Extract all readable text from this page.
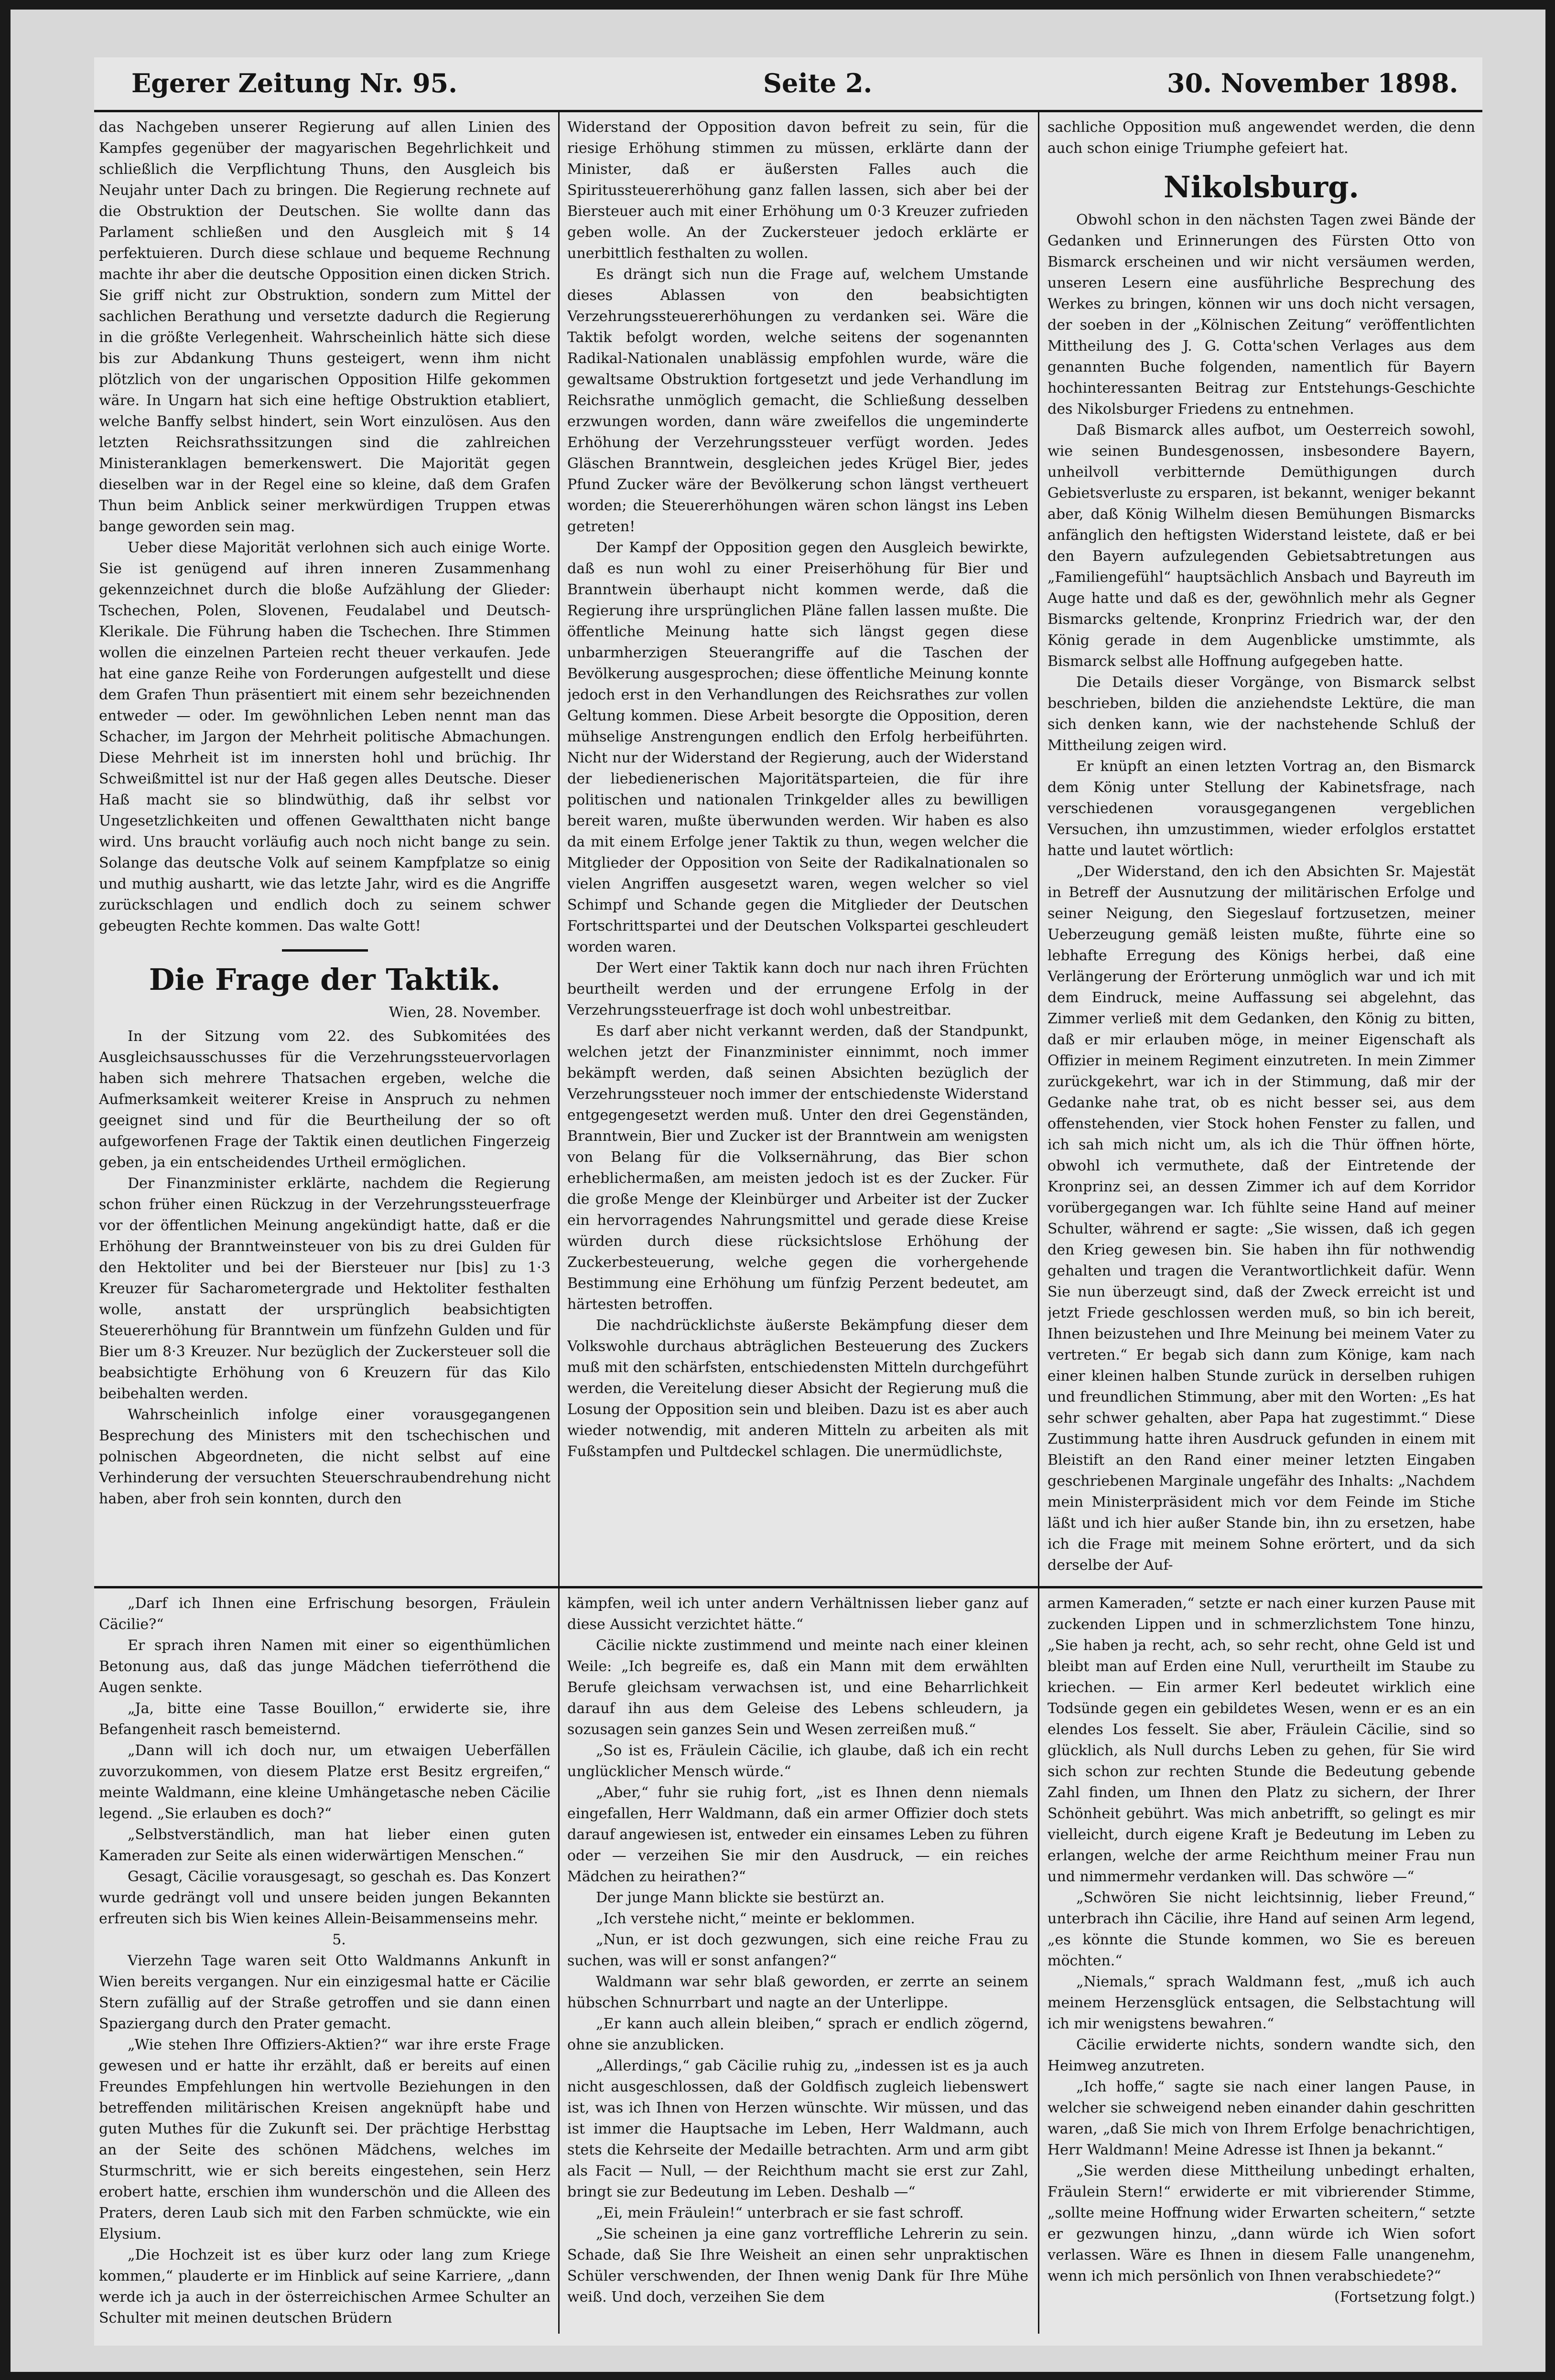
Egerer Zeitung Nr. 95.	Seite 2.	30. November 1898.

das Nachgeben unserer Regierung auf allen Linien des Kampfes gegenüber der magyarischen Begehrlichkeit und schließlich die Verpflichtung Thuns, den Ausgleich bis Neujahr unter Dach zu bringen. Die Regierung rechnete auf die Obstruktion der Deutschen. Sie wollte dann das Parlament schließen und den Ausgleich mit § 14 perfektuieren. Durch diese schlaue und bequeme Rechnung machte ihr aber die deutsche Opposition einen dicken Strich. Sie griff nicht zur Obstruktion, sondern zum Mittel der sachlichen Berathung und versetzte dadurch die Regierung in die größte Verlegenheit. Wahrscheinlich hätte sich diese bis zur Abdankung Thuns gesteigert, wenn ihm nicht plötzlich von der ungarischen Opposition Hilfe gekommen wäre. In Ungarn hat sich eine heftige Obstruktion etabliert, welche Banffy selbst hindert, sein Wort einzulösen. Aus den letzten Reichsrathssitzungen sind die zahlreichen Ministeranklagen bemerkenswert. Die Majorität gegen dieselben war in der Regel eine so kleine, daß dem Grafen Thun beim Anblick seiner merkwürdigen Truppen etwas bange geworden sein mag.

Ueber diese Majorität verlohnen sich auch einige Worte. Sie ist genügend auf ihren inneren Zusammenhang gekennzeichnet durch die bloße Aufzählung der Glieder: Tschechen, Polen, Slovenen, Feudalabel und Deutsch-Klerikale. Die Führung haben die Tschechen. Ihre Stimmen wollen die einzelnen Parteien recht theuer verkaufen. Jede hat eine ganze Reihe von Forderungen aufgestellt und diese dem Grafen Thun präsentiert mit einem sehr bezeichnenden entweder — oder. Im gewöhnlichen Leben nennt man das Schacher, im Jargon der Mehrheit politische Abmachungen. Diese Mehrheit ist im innersten hohl und brüchig. Ihr Schweißmittel ist nur der Haß gegen alles Deutsche. Dieser Haß macht sie so blindwüthig, daß ihr selbst vor Ungesetzlichkeiten und offenen Gewaltthaten nicht bange wird. Uns braucht vorläufig auch noch nicht bange zu sein. Solange das deutsche Volk auf seinem Kampfplatze so einig und muthig aushartt, wie das letzte Jahr, wird es die Angriffe zurückschlagen und endlich doch zu seinem schwer gebeugten Rechte kommen. Das walte Gott!

Die Frage der Taktik.
Wien, 28. November.

In der Sitzung vom 22. des Subkomitées des Ausgleichsausschusses für die Verzehrungssteuervorlagen haben sich mehrere Thatsachen ergeben, welche die Aufmerksamkeit weiterer Kreise in Anspruch zu nehmen geeignet sind und für die Beurtheilung der so oft aufgeworfenen Frage der Taktik einen deutlichen Fingerzeig geben, ja ein entscheidendes Urtheil ermöglichen.

Der Finanzminister erklärte, nachdem die Regierung schon früher einen Rückzug in der Verzehrungssteuerfrage vor der öffentlichen Meinung angekündigt hatte, daß er die Erhöhung der Branntweinsteuer von bis zu drei Gulden für den Hektoliter und bei der Biersteuer nur [bis] zu 1·3 Kreuzer für Sacharometergrade und Hektoliter festhalten wolle, anstatt der ursprünglich beabsichtigten Steuererhöhung für Branntwein um fünfzehn Gulden und für Bier um 8·3 Kreuzer. Nur bezüglich der Zuckersteuer soll die beabsichtigte Erhöhung von 6 Kreuzern für das Kilo beibehalten werden.

Wahrscheinlich infolge einer vorausgegangenen Besprechung des Ministers mit den tschechischen und polnischen Abgeordneten, die nicht selbst auf eine Verhinderung der versuchten Steuerschraubendrehung nicht haben, aber froh sein konnten, durch den

Widerstand der Opposition davon befreit zu sein, für die riesige Erhöhung stimmen zu müssen, erklärte dann der Minister, daß er äußersten Falles auch die Spiritussteuererhöhung ganz fallen lassen, sich aber bei der Biersteuer auch mit einer Erhöhung um 0·3 Kreuzer zufrieden geben wolle. An der Zuckersteuer jedoch erklärte er unerbittlich festhalten zu wollen.

Es drängt sich nun die Frage auf, welchem Umstande dieses Ablassen von den beabsichtigten Verzehrungssteuererhöhungen zu verdanken sei. Wäre die Taktik befolgt worden, welche seitens der sogenannten Radikal-Nationalen unablässig empfohlen wurde, wäre die gewaltsame Obstruktion fortgesetzt und jede Verhandlung im Reichsrathe unmöglich gemacht, die Schließung desselben erzwungen worden, dann wäre zweifellos die ungeminderte Erhöhung der Verzehrungssteuer verfügt worden. Jedes Gläschen Branntwein, desgleichen jedes Krügel Bier, jedes Pfund Zucker wäre der Bevölkerung schon längst vertheuert worden; die Steuererhöhungen wären schon längst ins Leben getreten!

Der Kampf der Opposition gegen den Ausgleich bewirkte, daß es nun wohl zu einer Preiserhöhung für Bier und Branntwein überhaupt nicht kommen werde, daß die Regierung ihre ursprünglichen Pläne fallen lassen mußte. Die öffentliche Meinung hatte sich längst gegen diese unbarmherzigen Steuerangriffe auf die Taschen der Bevölkerung ausgesprochen; diese öffentliche Meinung konnte jedoch erst in den Verhandlungen des Reichsrathes zur vollen Geltung kommen. Diese Arbeit besorgte die Opposition, deren mühselige Anstrengungen endlich den Erfolg herbeiführten. Nicht nur der Widerstand der Regierung, auch der Widerstand der liebedienerischen Majoritätsparteien, die für ihre politischen und nationalen Trinkgelder alles zu bewilligen bereit waren, mußte überwunden werden. Wir haben es also da mit einem Erfolge jener Taktik zu thun, wegen welcher die Mitglieder der Opposition von Seite der Radikalnationalen so vielen Angriffen ausgesetzt waren, wegen welcher so viel Schimpf und Schande gegen die Mitglieder der Deutschen Fortschrittspartei und der Deutschen Volkspartei geschleudert worden waren.

Der Wert einer Taktik kann doch nur nach ihren Früchten beurtheilt werden und der errungene Erfolg in der Verzehrungssteuerfrage ist doch wohl unbestreitbar.

Es darf aber nicht verkannt werden, daß der Standpunkt, welchen jetzt der Finanzminister einnimmt, noch immer bekämpft werden, daß seinen Absichten bezüglich der Verzehrungssteuer noch immer der entschiedenste Widerstand entgegengesetzt werden muß. Unter den drei Gegenständen, Branntwein, Bier und Zucker ist der Branntwein am wenigsten von Belang für die Volksernährung, das Bier schon erheblichermaßen, am meisten jedoch ist es der Zucker. Für die große Menge der Kleinbürger und Arbeiter ist der Zucker ein hervorragendes Nahrungsmittel und gerade diese Kreise würden durch diese rücksichtslose Erhöhung der Zuckerbesteuerung, welche gegen die vorhergehende Bestimmung eine Erhöhung um fünfzig Perzent bedeutet, am härtesten betroffen.

Die nachdrücklichste äußerste Bekämpfung dieser dem Volkswohle durchaus abträglichen Besteuerung des Zuckers muß mit den schärfsten, entschiedensten Mitteln durchgeführt werden, die Vereitelung dieser Absicht der Regierung muß die Losung der Opposition sein und bleiben. Dazu ist es aber auch wieder notwendig, mit anderen Mitteln zu arbeiten als mit Fußstampfen und Pultdeckel schlagen. Die unermüdlichste,

sachliche Opposition muß angewendet werden, die denn auch schon einige Triumphe gefeiert hat.

Nikolsburg.

Obwohl schon in den nächsten Tagen zwei Bände der Gedanken und Erinnerungen des Fürsten Otto von Bismarck erscheinen und wir nicht versäumen werden, unseren Lesern eine ausführliche Besprechung des Werkes zu bringen, können wir uns doch nicht versagen, der soeben in der „Kölnischen Zeitung“ veröffentlichten Mittheilung des J. G. Cotta'schen Verlages aus dem genannten Buche folgenden, namentlich für Bayern hochinteressanten Beitrag zur Entstehungs-Geschichte des Nikolsburger Friedens zu entnehmen.

Daß Bismarck alles aufbot, um Oesterreich sowohl, wie seinen Bundesgenossen, insbesondere Bayern, unheilvoll verbitternde Demüthigungen durch Gebietsverluste zu ersparen, ist bekannt, weniger bekannt aber, daß König Wilhelm diesen Bemühungen Bismarcks anfänglich den heftigsten Widerstand leistete, daß er bei den Bayern aufzulegenden Gebietsabtretungen aus „Familiengefühl“ hauptsächlich Ansbach und Bayreuth im Auge hatte und daß es der, gewöhnlich mehr als Gegner Bismarcks geltende, Kronprinz Friedrich war, der den König gerade in dem Augenblicke umstimmte, als Bismarck selbst alle Hoffnung aufgegeben hatte.

Die Details dieser Vorgänge, von Bismarck selbst beschrieben, bilden die anziehendste Lektüre, die man sich denken kann, wie der nachstehende Schluß der Mittheilung zeigen wird.

Er knüpft an einen letzten Vortrag an, den Bismarck dem König unter Stellung der Kabinetsfrage, nach verschiedenen vorausgegangenen vergeblichen Versuchen, ihn umzustimmen, wieder erfolglos erstattet hatte und lautet wörtlich:

„Der Widerstand, den ich den Absichten Sr. Majestät in Betreff der Ausnutzung der militärischen Erfolge und seiner Neigung, den Siegeslauf fortzusetzen, meiner Ueberzeugung gemäß leisten mußte, führte eine so lebhafte Erregung des Königs herbei, daß eine Verlängerung der Erörterung unmöglich war und ich mit dem Eindruck, meine Auffassung sei abgelehnt, das Zimmer verließ mit dem Gedanken, den König zu bitten, daß er mir erlauben möge, in meiner Eigenschaft als Offizier in meinem Regiment einzutreten. In mein Zimmer zurückgekehrt, war ich in der Stimmung, daß mir der Gedanke nahe trat, ob es nicht besser sei, aus dem offenstehenden, vier Stock hohen Fenster zu fallen, und ich sah mich nicht um, als ich die Thür öffnen hörte, obwohl ich vermuthete, daß der Eintretende der Kronprinz sei, an dessen Zimmer ich auf dem Korridor vorübergegangen war. Ich fühlte seine Hand auf meiner Schulter, während er sagte: „Sie wissen, daß ich gegen den Krieg gewesen bin. Sie haben ihn für nothwendig gehalten und tragen die Verantwortlichkeit dafür. Wenn Sie nun überzeugt sind, daß der Zweck erreicht ist und jetzt Friede geschlossen werden muß, so bin ich bereit, Ihnen beizustehen und Ihre Meinung bei meinem Vater zu vertreten.“ Er begab sich dann zum Könige, kam nach einer kleinen halben Stunde zurück in derselben ruhigen und freundlichen Stimmung, aber mit den Worten: „Es hat sehr schwer gehalten, aber Papa hat zugestimmt.“ Diese Zustimmung hatte ihren Ausdruck gefunden in einem mit Bleistift an den Rand einer meiner letzten Eingaben geschriebenen Marginale ungefähr des Inhalts: „Nachdem mein Ministerpräsident mich vor dem Feinde im Stiche läßt und ich hier außer Stande bin, ihn zu ersetzen, habe ich die Frage mit meinem Sohne erörtert, und da sich derselbe der Auf-

„Darf ich Ihnen eine Erfrischung besorgen, Fräulein Cäcilie?“

Er sprach ihren Namen mit einer so eigenthümlichen Betonung aus, daß das junge Mädchen tieferröthend die Augen senkte.

„Ja, bitte eine Tasse Bouillon,“ erwiderte sie, ihre Befangenheit rasch bemeisternd.

„Dann will ich doch nur, um etwaigen Ueberfällen zuvorzukommen, von diesem Platze erst Besitz ergreifen,“ meinte Waldmann, eine kleine Umhängetasche neben Cäcilie legend. „Sie erlauben es doch?“

„Selbstverständlich, man hat lieber einen guten Kameraden zur Seite als einen widerwärtigen Menschen.“

Gesagt, Cäcilie vorausgesagt, so geschah es. Das Konzert wurde gedrängt voll und unsere beiden jungen Bekannten erfreuten sich bis Wien keines Allein-Beisammenseins mehr.

5.

Vierzehn Tage waren seit Otto Waldmanns Ankunft in Wien bereits vergangen. Nur ein einzigesmal hatte er Cäcilie Stern zufällig auf der Straße getroffen und sie dann einen Spaziergang durch den Prater gemacht.

„Wie stehen Ihre Offiziers-Aktien?“ war ihre erste Frage gewesen und er hatte ihr erzählt, daß er bereits auf einen Freundes Empfehlungen hin wertvolle Beziehungen in den betreffenden militärischen Kreisen angeknüpft habe und guten Muthes für die Zukunft sei. Der prächtige Herbsttag an der Seite des schönen Mädchens, welches im Sturmschritt, wie er sich bereits eingestehen, sein Herz erobert hatte, erschien ihm wunderschön und die Alleen des Praters, deren Laub sich mit den Farben schmückte, wie ein Elysium.

„Die Hochzeit ist es über kurz oder lang zum Kriege kommen,“ plauderte er im Hinblick auf seine Karriere, „dann werde ich ja auch in der österreichischen Armee Schulter an Schulter mit meinen deutschen Brüdern

kämpfen, weil ich unter andern Verhältnissen lieber ganz auf diese Aussicht verzichtet hätte.“

Cäcilie nickte zustimmend und meinte nach einer kleinen Weile: „Ich begreife es, daß ein Mann mit dem erwählten Berufe gleichsam verwachsen ist, und eine Beharrlichkeit darauf ihn aus dem Geleise des Lebens schleudern, ja sozusagen sein ganzes Sein und Wesen zerreißen muß.“

„So ist es, Fräulein Cäcilie, ich glaube, daß ich ein recht unglücklicher Mensch würde.“

„Aber,“ fuhr sie ruhig fort, „ist es Ihnen denn niemals eingefallen, Herr Waldmann, daß ein armer Offizier doch stets darauf angewiesen ist, entweder ein einsames Leben zu führen oder — verzeihen Sie mir den Ausdruck, — ein reiches Mädchen zu heirathen?“

Der junge Mann blickte sie bestürzt an.

„Ich verstehe nicht,“ meinte er beklommen.

„Nun, er ist doch gezwungen, sich eine reiche Frau zu suchen, was will er sonst anfangen?“

Waldmann war sehr blaß geworden, er zerrte an seinem hübschen Schnurrbart und nagte an der Unterlippe.

„Er kann auch allein bleiben,“ sprach er endlich zögernd, ohne sie anzublicken.

„Allerdings,“ gab Cäcilie ruhig zu, „indessen ist es ja auch nicht ausgeschlossen, daß der Goldfisch zugleich liebenswert ist, was ich Ihnen von Herzen wünschte. Wir müssen, und das ist immer die Hauptsache im Leben, Herr Waldmann, auch stets die Kehrseite der Medaille betrachten. Arm und arm gibt als Facit — Null, — der Reichthum macht sie erst zur Zahl, bringt sie zur Bedeutung im Leben. Deshalb —“

„Ei, mein Fräulein!“ unterbrach er sie fast schroff.

„Sie scheinen ja eine ganz vortreffliche Lehrerin zu sein. Schade, daß Sie Ihre Weisheit an einen sehr unpraktischen Schüler verschwenden, der Ihnen wenig Dank für Ihre Mühe weiß. Und doch, verzeihen Sie dem

armen Kameraden,“ setzte er nach einer kurzen Pause mit zuckenden Lippen und in schmerzlichstem Tone hinzu, „Sie haben ja recht, ach, so sehr recht, ohne Geld ist und bleibt man auf Erden eine Null, verurtheilt im Staube zu kriechen. — Ein armer Kerl bedeutet wirklich eine Todsünde gegen ein gebildetes Wesen, wenn er es an ein elendes Los fesselt. Sie aber, Fräulein Cäcilie, sind so glücklich, als Null durchs Leben zu gehen, für Sie wird sich schon zur rechten Stunde die Bedeutung gebende Zahl finden, um Ihnen den Platz zu sichern, der Ihrer Schönheit gebührt. Was mich anbetrifft, so gelingt es mir vielleicht, durch eigene Kraft je Bedeutung im Leben zu erlangen, welche der arme Reichthum meiner Frau nun und nimmermehr verdanken will. Das schwöre —“

„Schwören Sie nicht leichtsinnig, lieber Freund,“ unterbrach ihn Cäcilie, ihre Hand auf seinen Arm legend, „es könnte die Stunde kommen, wo Sie es bereuen möchten.“

„Niemals,“ sprach Waldmann fest, „muß ich auch meinem Herzensglück entsagen, die Selbstachtung will ich mir wenigstens bewahren.“

Cäcilie erwiderte nichts, sondern wandte sich, den Heimweg anzutreten.

„Ich hoffe,“ sagte sie nach einer langen Pause, in welcher sie schweigend neben einander dahin geschritten waren, „daß Sie mich von Ihrem Erfolge benachrichtigen, Herr Waldmann! Meine Adresse ist Ihnen ja bekannt.“

„Sie werden diese Mittheilung unbedingt erhalten, Fräulein Stern!“ erwiderte er mit vibrierender Stimme, „sollte meine Hoffnung wider Erwarten scheitern,“ setzte er gezwungen hinzu, „dann würde ich Wien sofort verlassen. Wäre es Ihnen in diesem Falle unangenehm, wenn ich mich persönlich von Ihnen verabschiedete?“

(Fortsetzung folgt.)
